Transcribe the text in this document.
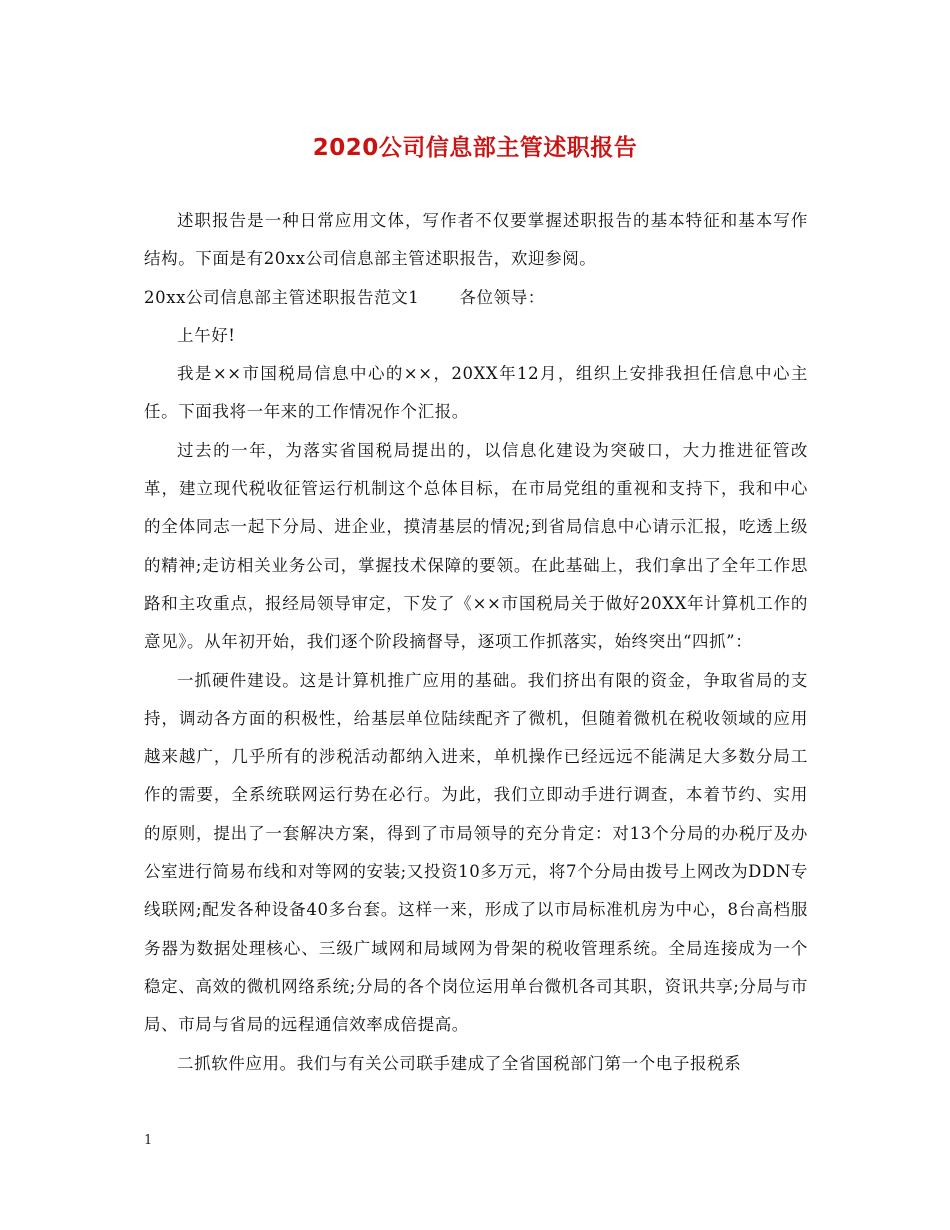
2020公司信息部主管述职报告

述职报告是一种日常应用文体，写作者不仅要掌握述职报告的基本特征和基本写作结构。下面是有20xx公司信息部主管述职报告，欢迎参阅。

20xx公司信息部主管述职报告范文1 各位领导：

上午好!

我是××市国税局信息中心的××，20XX年12月，组织上安排我担任信息中心主任。下面我将一年来的工作情况作个汇报。

过去的一年，为落实省国税局提出的，以信息化建设为突破口，大力推进征管改革，建立现代税收征管运行机制这个总体目标，在市局党组的重视和支持下，我和中心的全体同志一起下分局、进企业，摸清基层的情况;到省局信息中心请示汇报，吃透上级的精神;走访相关业务公司，掌握技术保障的要领。在此基础上，我们拿出了全年工作思路和主攻重点，报经局领导审定，下发了《××市国税局关于做好20XX年计算机工作的意见》。从年初开始，我们逐个阶段摘督导，逐项工作抓落实，始终突出“四抓”：

一抓硬件建设。这是计算机推广应用的基础。我们挤出有限的资金，争取省局的支持，调动各方面的积极性，给基层单位陆续配齐了微机，但随着微机在税收领域的应用越来越广，几乎所有的涉税活动都纳入进来，单机操作已经远远不能满足大多数分局工作的需要，全系统联网运行势在必行。为此，我们立即动手进行调查，本着节约、实用的原则，提出了一套解决方案，得到了市局领导的充分肯定：对13个分局的办税厅及办公室进行简易布线和对等网的安装;又投资10多万元，将7个分局由拨号上网改为DDN专线联网;配发各种设备40多台套。这样一来，形成了以市局标准机房为中心，8台高档服务器为数据处理核心、三级广域网和局域网为骨架的税收管理系统。全局连接成为一个稳定、高效的微机网络系统;分局的各个岗位运用单台微机各司其职，资讯共享;分局与市局、市局与省局的远程通信效率成倍提高。

二抓软件应用。我们与有关公司联手建成了全省国税部门第一个电子报税系

1
